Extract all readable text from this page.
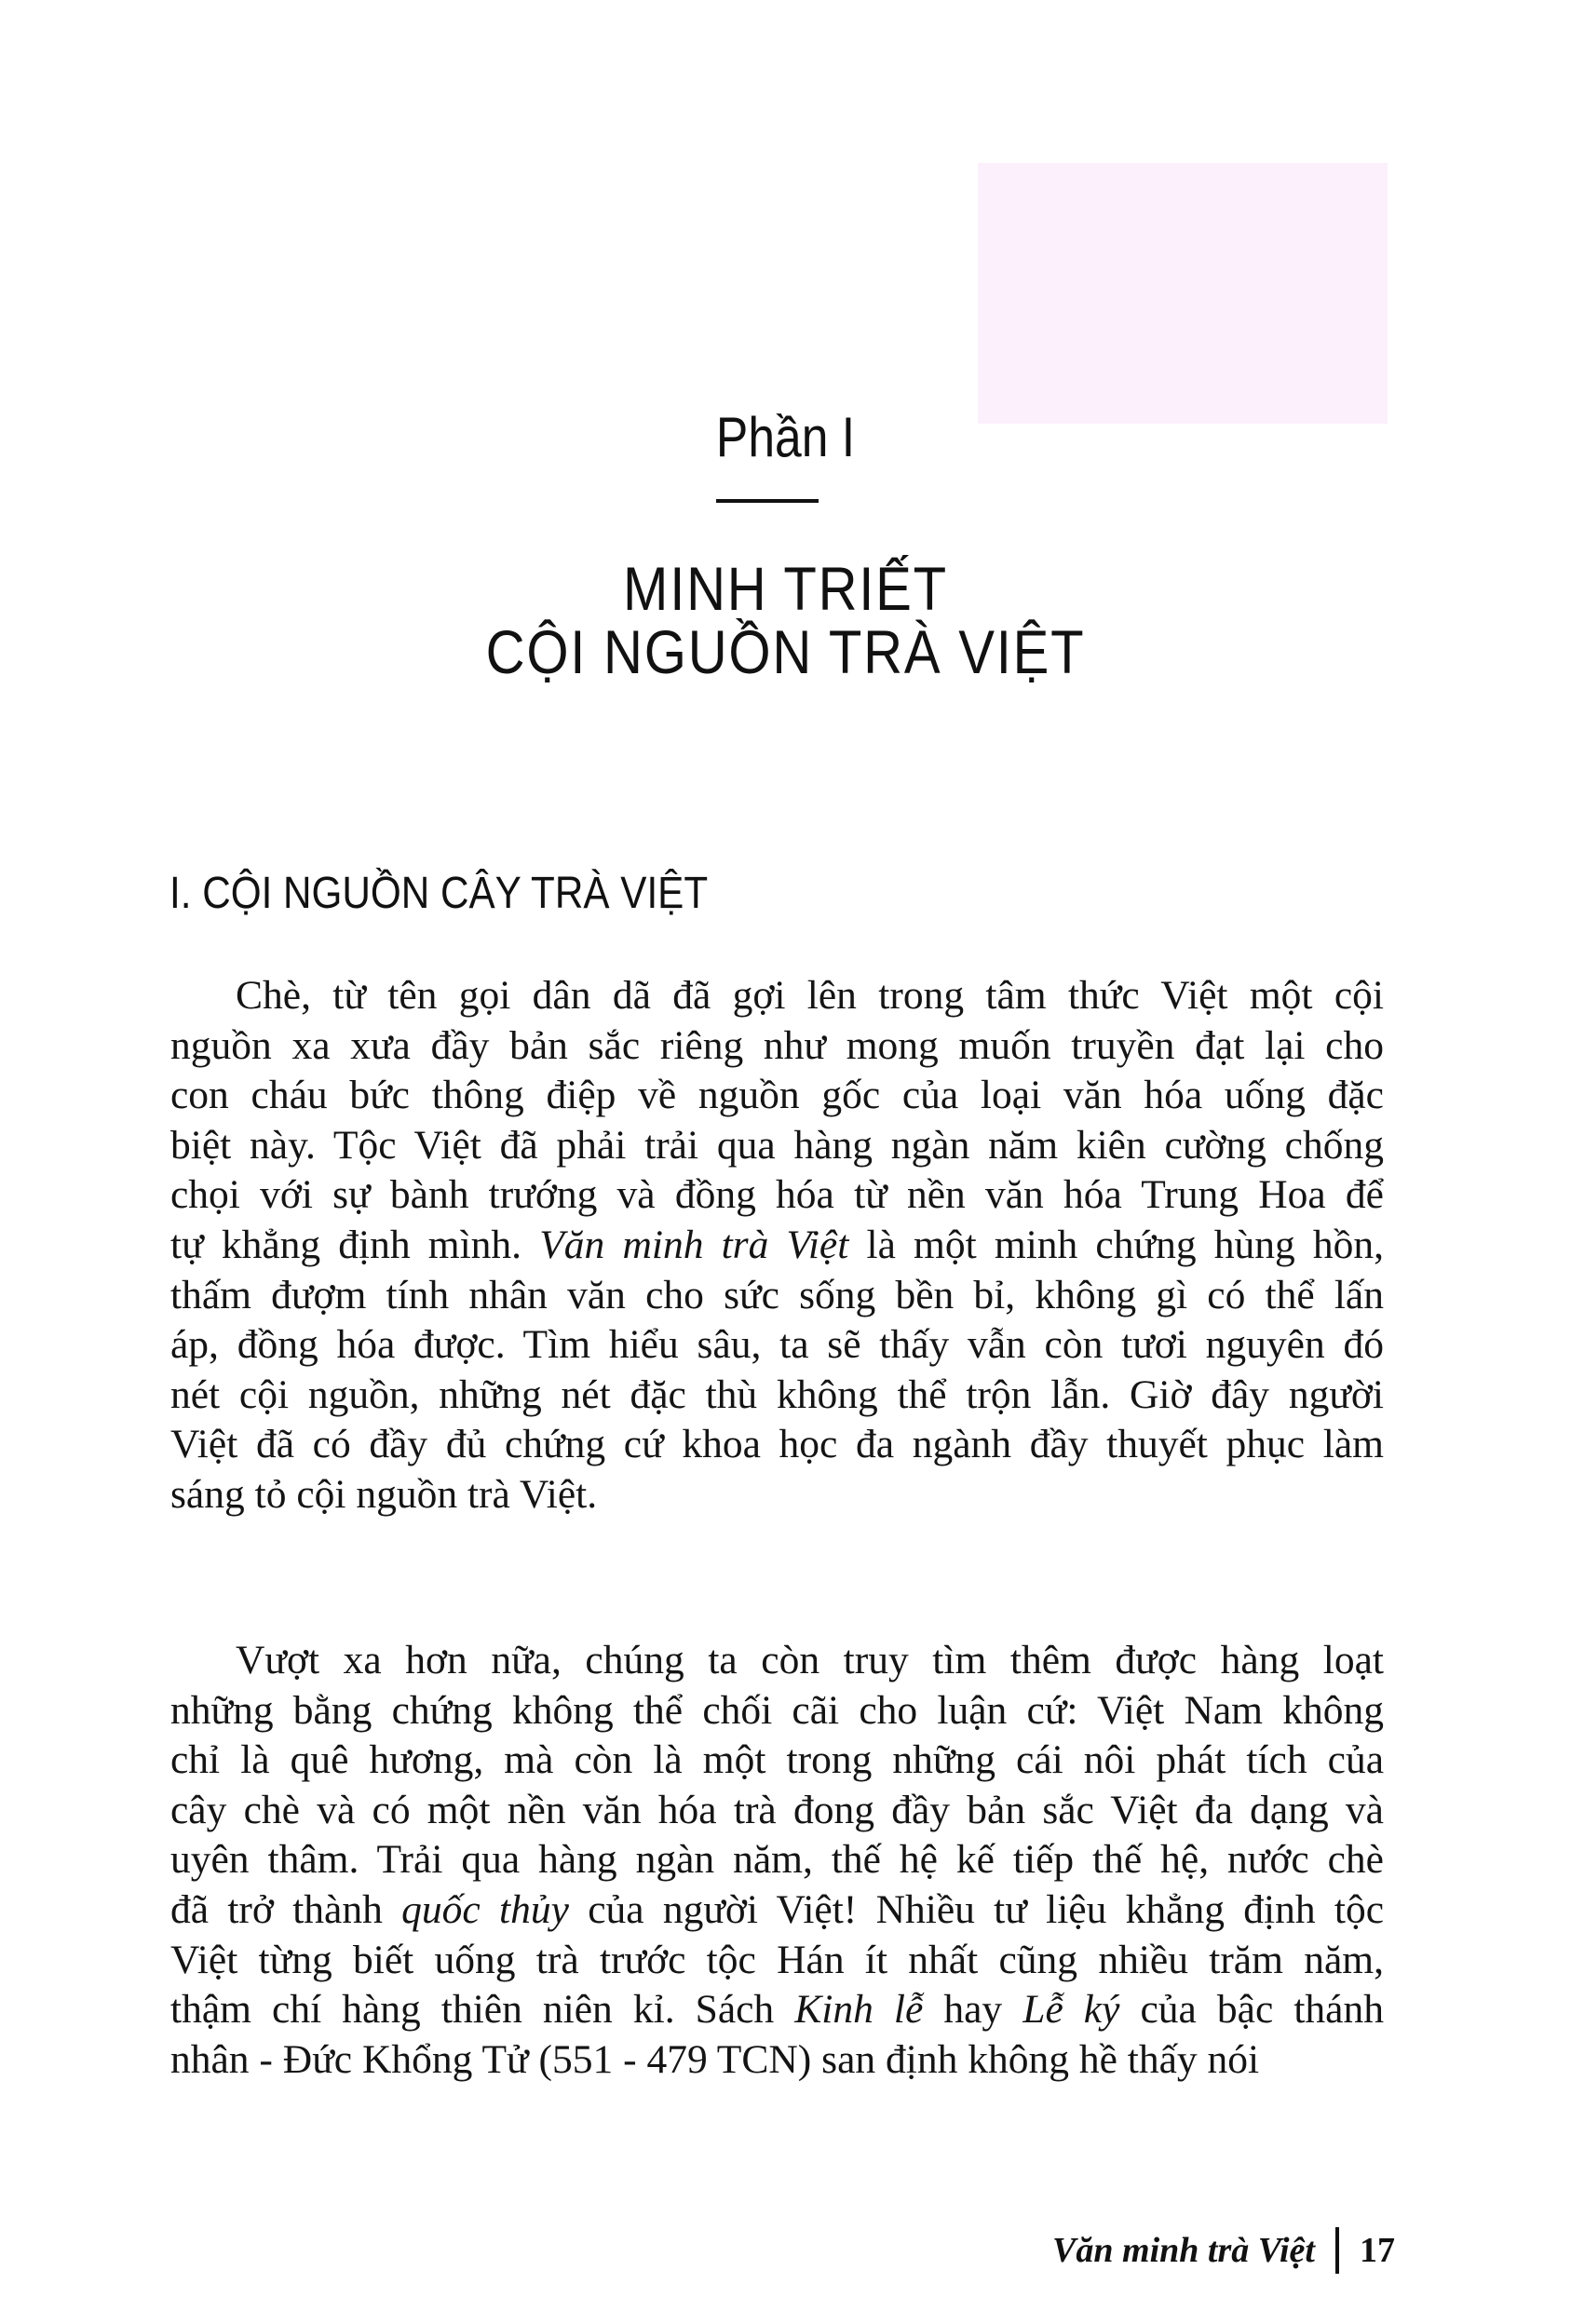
Phần I
MINH TRIẾT
CỘI NGUỒN TRÀ VIỆT
I. CỘI NGUỒN CÂY TRÀ VIỆT
Chè, từ tên gọi dân dã đã gợi lên trong tâm thức Việt một cội
nguồn xa xưa đầy bản sắc riêng như mong muốn truyền đạt lại cho
con cháu bức thông điệp về nguồn gốc của loại văn hóa uống đặc
biệt này. Tộc Việt đã phải trải qua hàng ngàn năm kiên cường chống
chọi với sự bành trướng và đồng hóa từ nền văn hóa Trung Hoa để
tự khẳng định mình. Văn minh trà Việt là một minh chứng hùng hồn,
thấm đượm tính nhân văn cho sức sống bền bỉ, không gì có thể lấn
áp, đồng hóa được. Tìm hiểu sâu, ta sẽ thấy vẫn còn tươi nguyên đó
nét cội nguồn, những nét đặc thù không thể trộn lẫn. Giờ đây người
Việt đã có đầy đủ chứng cứ khoa học đa ngành đầy thuyết phục làm
sáng tỏ cội nguồn trà Việt.
Vượt xa hơn nữa, chúng ta còn truy tìm thêm được hàng loạt
những bằng chứng không thể chối cãi cho luận cứ: Việt Nam không
chỉ là quê hương, mà còn là một trong những cái nôi phát tích của
cây chè và có một nền văn hóa trà đong đầy bản sắc Việt đa dạng và
uyên thâm. Trải qua hàng ngàn năm, thế hệ kế tiếp thế hệ, nước chè
đã trở thành quốc thủy của người Việt! Nhiều tư liệu khẳng định tộc
Việt từng biết uống trà trước tộc Hán ít nhất cũng nhiều trăm năm,
thậm chí hàng thiên niên kỉ. Sách Kinh lễ hay Lễ ký của bậc thánh
nhân - Đức Khổng Tử (551 - 479 TCN) san định không hề thấy nói
Văn minh trà Việt 17
